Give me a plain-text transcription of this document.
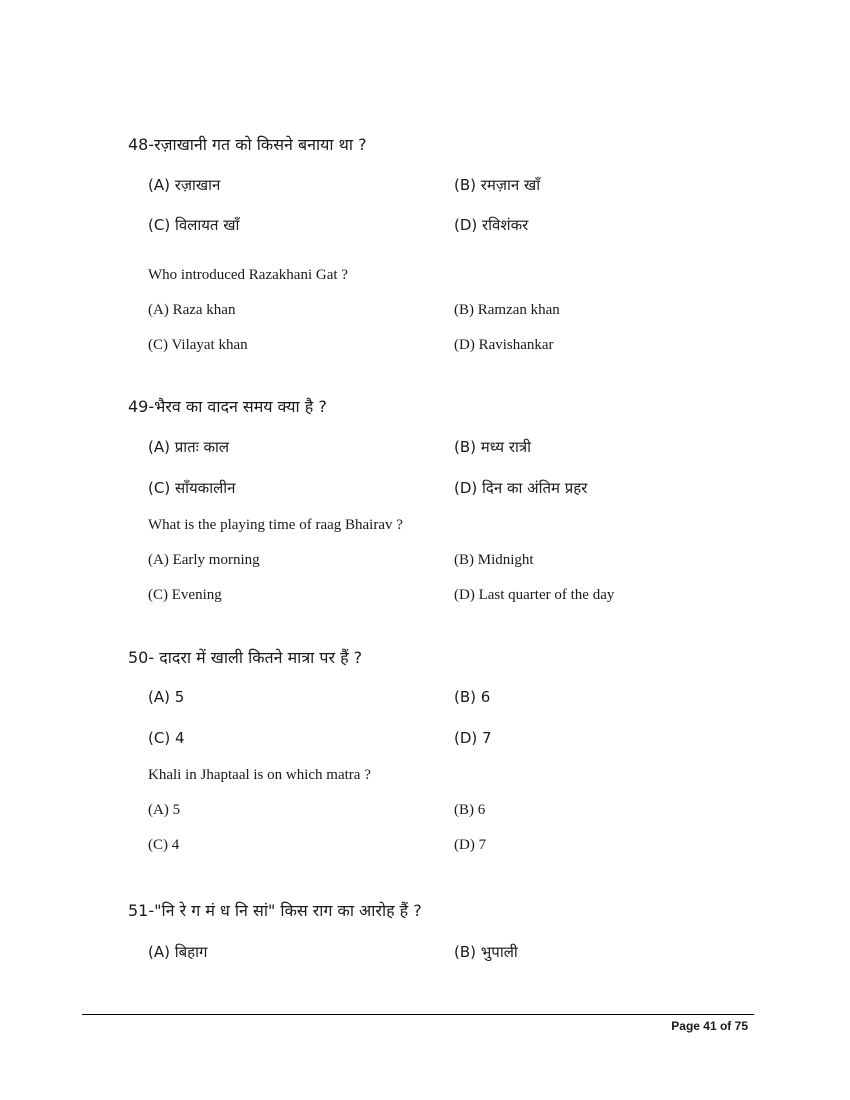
48-रज़ाखानी गत को किसने बनाया था ?
(A) रज़ाखान	(B) रमज़ान खाँ
(C) विलायत खाँ	(D) रविशंकर
Who introduced Razakhani Gat ?
(A) Raza khan	(B) Ramzan khan
(C) Vilayat khan	(D) Ravishankar
49-भैरव का वादन समय क्या है ?
(A) प्रातः काल	(B) मध्य रात्री
(C) साँयकालीन	(D) दिन का अंतिम प्रहर
What is the playing time of raag Bhairav ?
(A) Early morning	(B) Midnight
(C) Evening	(D) Last quarter of the day
50- दादरा में खाली कितने मात्रा पर हैं ?
(A) 5	(B) 6
(C) 4	(D) 7
Khali in Jhaptaal is on which matra ?
(A) 5	(B) 6
(C) 4	(D) 7
51-"नि रे ग मं ध नि सां" किस राग का आरोह हैं ?
(A) बिहाग	(B) भुपाली
Page 41 of 75
